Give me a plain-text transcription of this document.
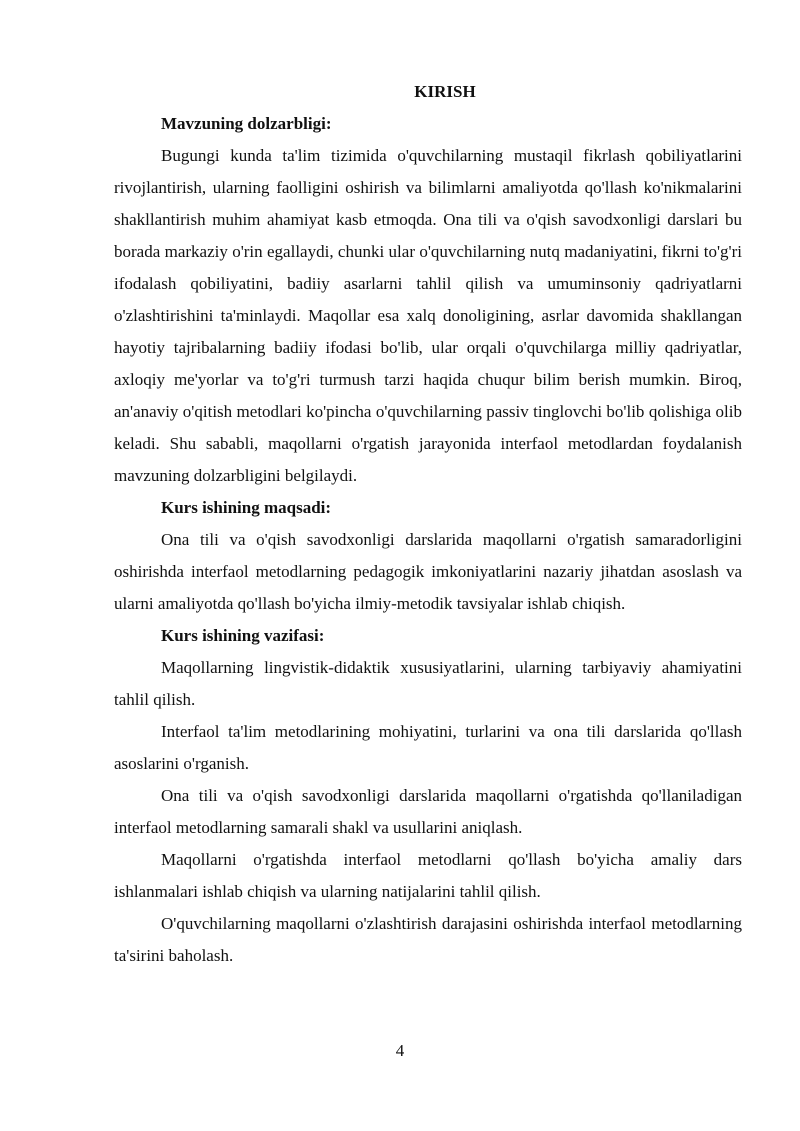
KIRISH

Mavzuning dolzarbligi:

Bugungi kunda ta'lim tizimida o'quvchilarning mustaqil fikrlash qobiliyatlarini rivojlantirish, ularning faolligini oshirish va bilimlarni amaliyotda qo'llash ko'nikmalarini shakllantirish muhim ahamiyat kasb etmoqda. Ona tili va o'qish savodxonligi darslari bu borada markaziy o'rin egallaydi, chunki ular o'quvchilarning nutq madaniyatini, fikrni to'g'ri ifodalash qobiliyatini, badiiy asarlarni tahlil qilish va umuminsoniy qadriyatlarni o'zlashtirishini ta'minlaydi. Maqollar esa xalq donoligining, asrlar davomida shakllangan hayotiy tajribalarning badiiy ifodasi bo'lib, ular orqali o'quvchilarga milliy qadriyatlar, axloqiy me'yorlar va to'g'ri turmush tarzi haqida chuqur bilim berish mumkin. Biroq, an'anaviy o'qitish metodlari ko'pincha o'quvchilarning passiv tinglovchi bo'lib qolishiga olib keladi. Shu sababli, maqollarni o'rgatish jarayonida interfaol metodlardan foydalanish mavzuning dolzarbligini belgilaydi.

Kurs ishining maqsadi:

Ona tili va o'qish savodxonligi darslarida maqollarni o'rgatish samaradorligini oshirishda interfaol metodlarning pedagogik imkoniyatlarini nazariy jihatdan asoslash va ularni amaliyotda qo'llash bo'yicha ilmiy-metodik tavsiyalar ishlab chiqish.

Kurs ishining vazifasi:

Maqollarning lingvistik-didaktik xususiyatlarini, ularning tarbiyaviy ahamiyatini tahlil qilish.

Interfaol ta'lim metodlarining mohiyatini, turlarini va ona tili darslarida qo'llash asoslarini o'rganish.

Ona tili va o'qish savodxonligi darslarida maqollarni o'rgatishda qo'llaniladigan interfaol metodlarning samarali shakl va usullarini aniqlash.

Maqollarni o'rgatishda interfaol metodlarni qo'llash bo'yicha amaliy dars ishlanmalari ishlab chiqish va ularning natijalarini tahlil qilish.

O'quvchilarning maqollarni o'zlashtirish darajasini oshirishda interfaol metodlarning ta'sirini baholash.

4
